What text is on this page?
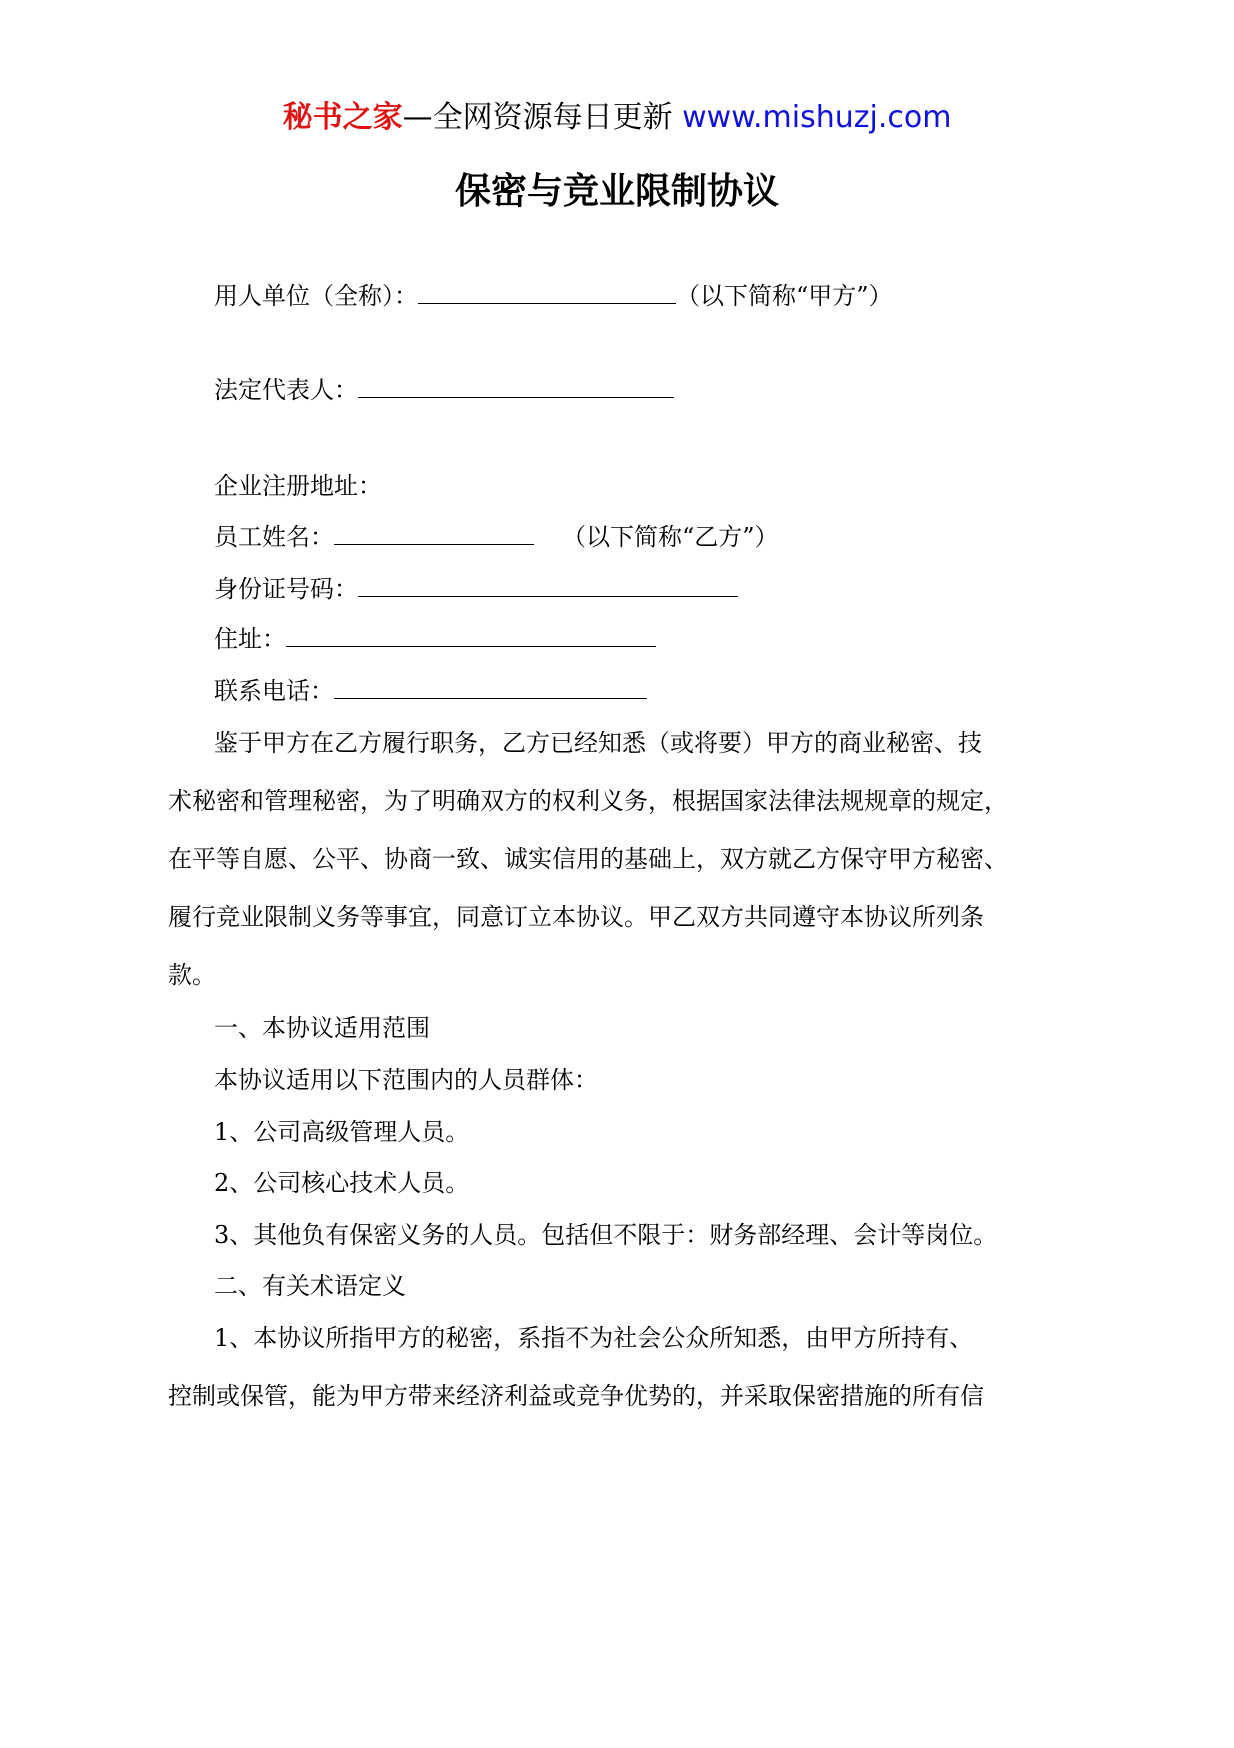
秘书之家—全网资源每日更新 www.mishuzj.com
保密与竞业限制协议
用人单位（全称）：	（以下简称“甲方”）
法定代表人：
企业注册地址：
员工姓名：	（以下简称“乙方”）
身份证号码：
住址：
联系电话：
鉴于甲方在乙方履行职务，乙方已经知悉（或将要）甲方的商业秘密、技
术秘密和管理秘密，为了明确双方的权利义务，根据国家法律法规规章的规定，
在平等自愿、公平、协商一致、诚实信用的基础上，双方就乙方保守甲方秘密、
履行竞业限制义务等事宜，同意订立本协议。甲乙双方共同遵守本协议所列条
款。
一、本协议适用范围
本协议适用以下范围内的人员群体：
1、公司高级管理人员。
2、公司核心技术人员。
3、其他负有保密义务的人员。包括但不限于：财务部经理、会计等岗位。
二、有关术语定义
1、本协议所指甲方的秘密，系指不为社会公众所知悉，由甲方所持有、
控制或保管，能为甲方带来经济利益或竞争优势的，并采取保密措施的所有信
